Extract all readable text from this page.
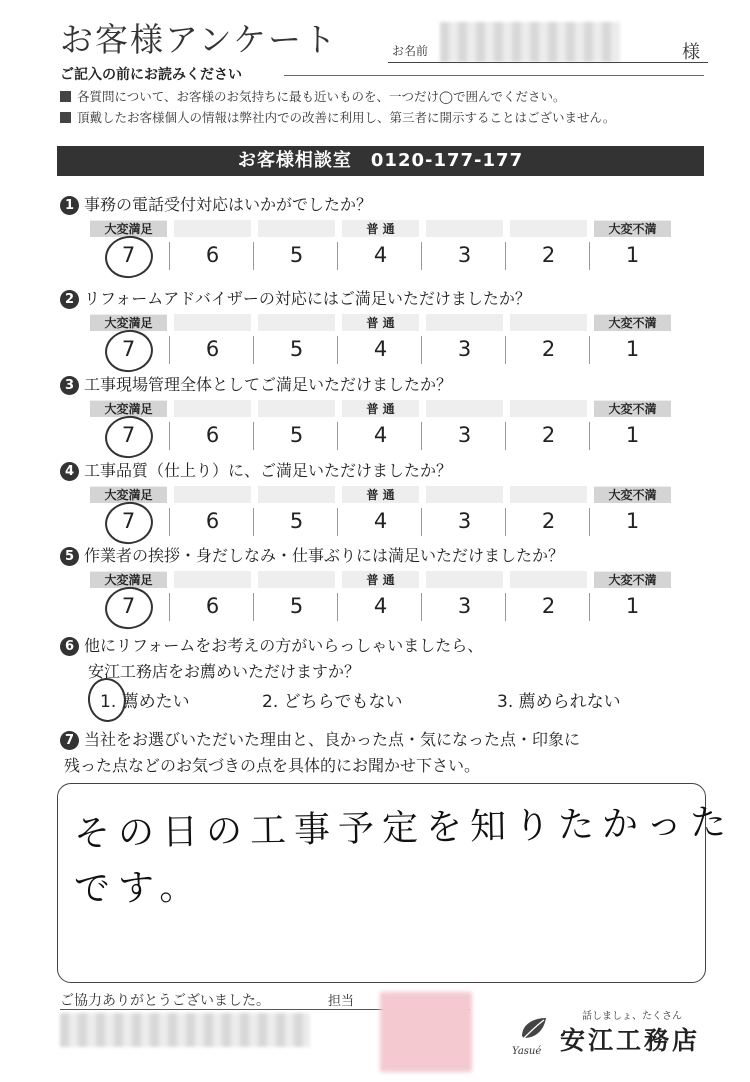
お客様アンケート	お名前	様
ご記入の前にお読みください
各質問について、お客様のお気持ちに最も近いものを、一つだけ◯で囲んでください。
頂戴したお客様個人の情報は弊社内での改善に利用し、第三者に開示することはございません。
お客様相談室　0120-177-177
1 事務の電話受付対応はいかがでしたか？
大変満足
7	6	5
普 通
4	3	2
大変不満
1
2 リフォームアドバイザーの対応にはご満足いただけましたか？
大変満足
7	6	5
普 通
4	3	2
大変不満
1
3 工事現場管理全体としてご満足いただけましたか？
大変満足
7	6	5
普 通
4	3	2
大変不満
1
4 工事品質（仕上り）に、ご満足いただけましたか？
大変満足
7	6	5
普 通
4	3	2
大変不満
1
5 作業者の挨拶・身だしなみ・仕事ぶりには満足いただけましたか？
大変満足
7	6	5
普 通
4	3	2
大変不満
1
6 他にリフォームをお考えの方がいらっしゃいましたら、
安江工務店をお薦めいただけますか？
1. 薦めたい	2. どちらでもない	3. 薦められない
7 当社をお選びいただいた理由と、良かった点・気になった点・印象に
残った点などのお気づきの点を具体的にお聞かせ下さい。
その日の工事予定を知りたかった
です。
ご協力ありがとうございました。	担当
話しましょ、たくさん
Yasué 安江工務店
